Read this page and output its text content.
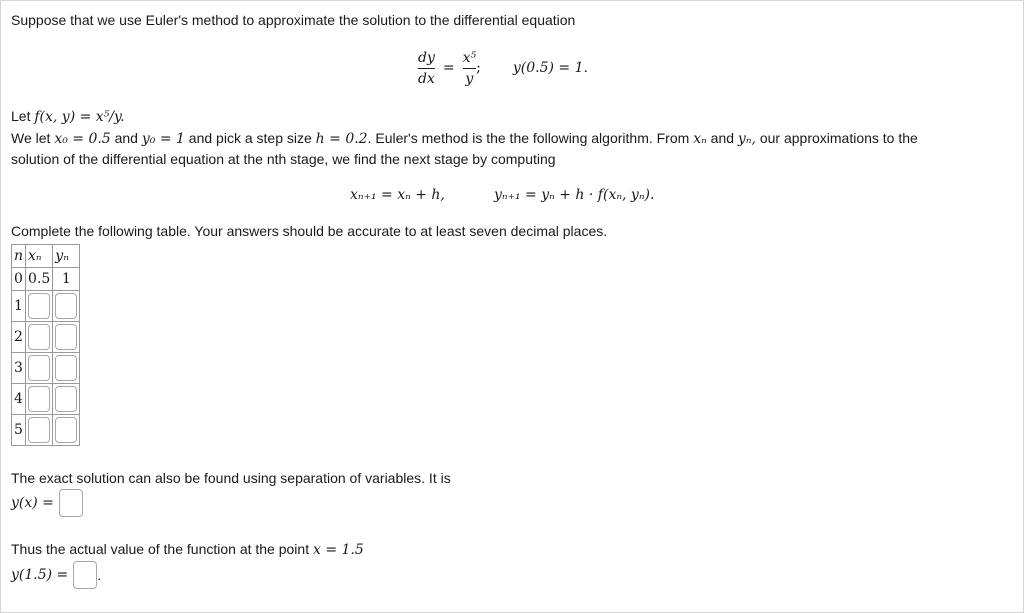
Suppose that we use Euler's method to approximate the solution to the differential equation
$\frac{dy}{dx} = \frac{\text{x⁵}}{y}$ ; y(0.5) = 1.
Let f(x, y) = x⁵/y.
We let x₀ = 0.5 and y₀ = 1 and pick a step size h = 0.2. Euler's method is the the following algorithm. From xₙ and yₙ, our approximations to the
solution of the differential equation at the nth stage, we find the next stage by computing
xₙ₊₁ = xₙ + h,	yₙ₊₁ = yₙ + h · f(xₙ, yₙ).
Complete the following table. Your answers should be accurate to at least seven decimal places.
n	xₙ	yₙ
0	0.5	1
1		
2		
3		
4		
5		
The exact solution can also be found using separation of variables. It is
y(x) =
Thus the actual value of the function at the point x = 1.5
y(1.5) = .
